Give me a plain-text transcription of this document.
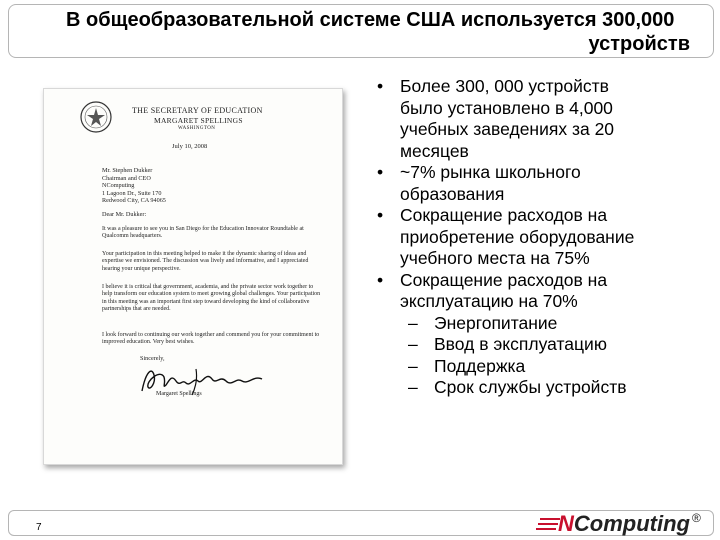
В общеобразовательной системе США используется 300,000
устройств
THE SECRETARY OF EDUCATION
MARGARET SPELLINGS
WASHINGTON
July 10, 2008
Mr. Stephen Dukker
Chairman and CEO
NComputing
1 Lagoon Dr., Suite 170
Redwood City, CA 94065
Dear Mr. Dukker:
It was a pleasure to see you in San Diego for the Education Innovator Roundtable at Qualcomm headquarters.
Your participation in this meeting helped to make it the dynamic sharing of ideas and expertise we envisioned. The discussion was lively and informative, and I appreciated hearing your unique perspective.
I believe it is critical that government, academia, and the private sector work together to help transform our education system to meet growing global challenges. Your participation in this meeting was an important first step toward developing the kind of collaborative partnerships that are needed.
I look forward to continuing our work together and commend you for your commitment to improved education. Very best wishes.
Sincerely,
Margaret Spellings
• Более 300, 000 устройств
было установлено в 4,000
учебных заведениях за 20
месяцев
• ~7% рынка школьного
образования
• Сокращение расходов на
приобретение оборудование
учебного места на 75%
• Сокращение расходов на
эксплуатацию на 70%
– Энергопитание
– Ввод в эксплуатацию
– Поддержка
– Срок службы устройств
7	N Computing ®
